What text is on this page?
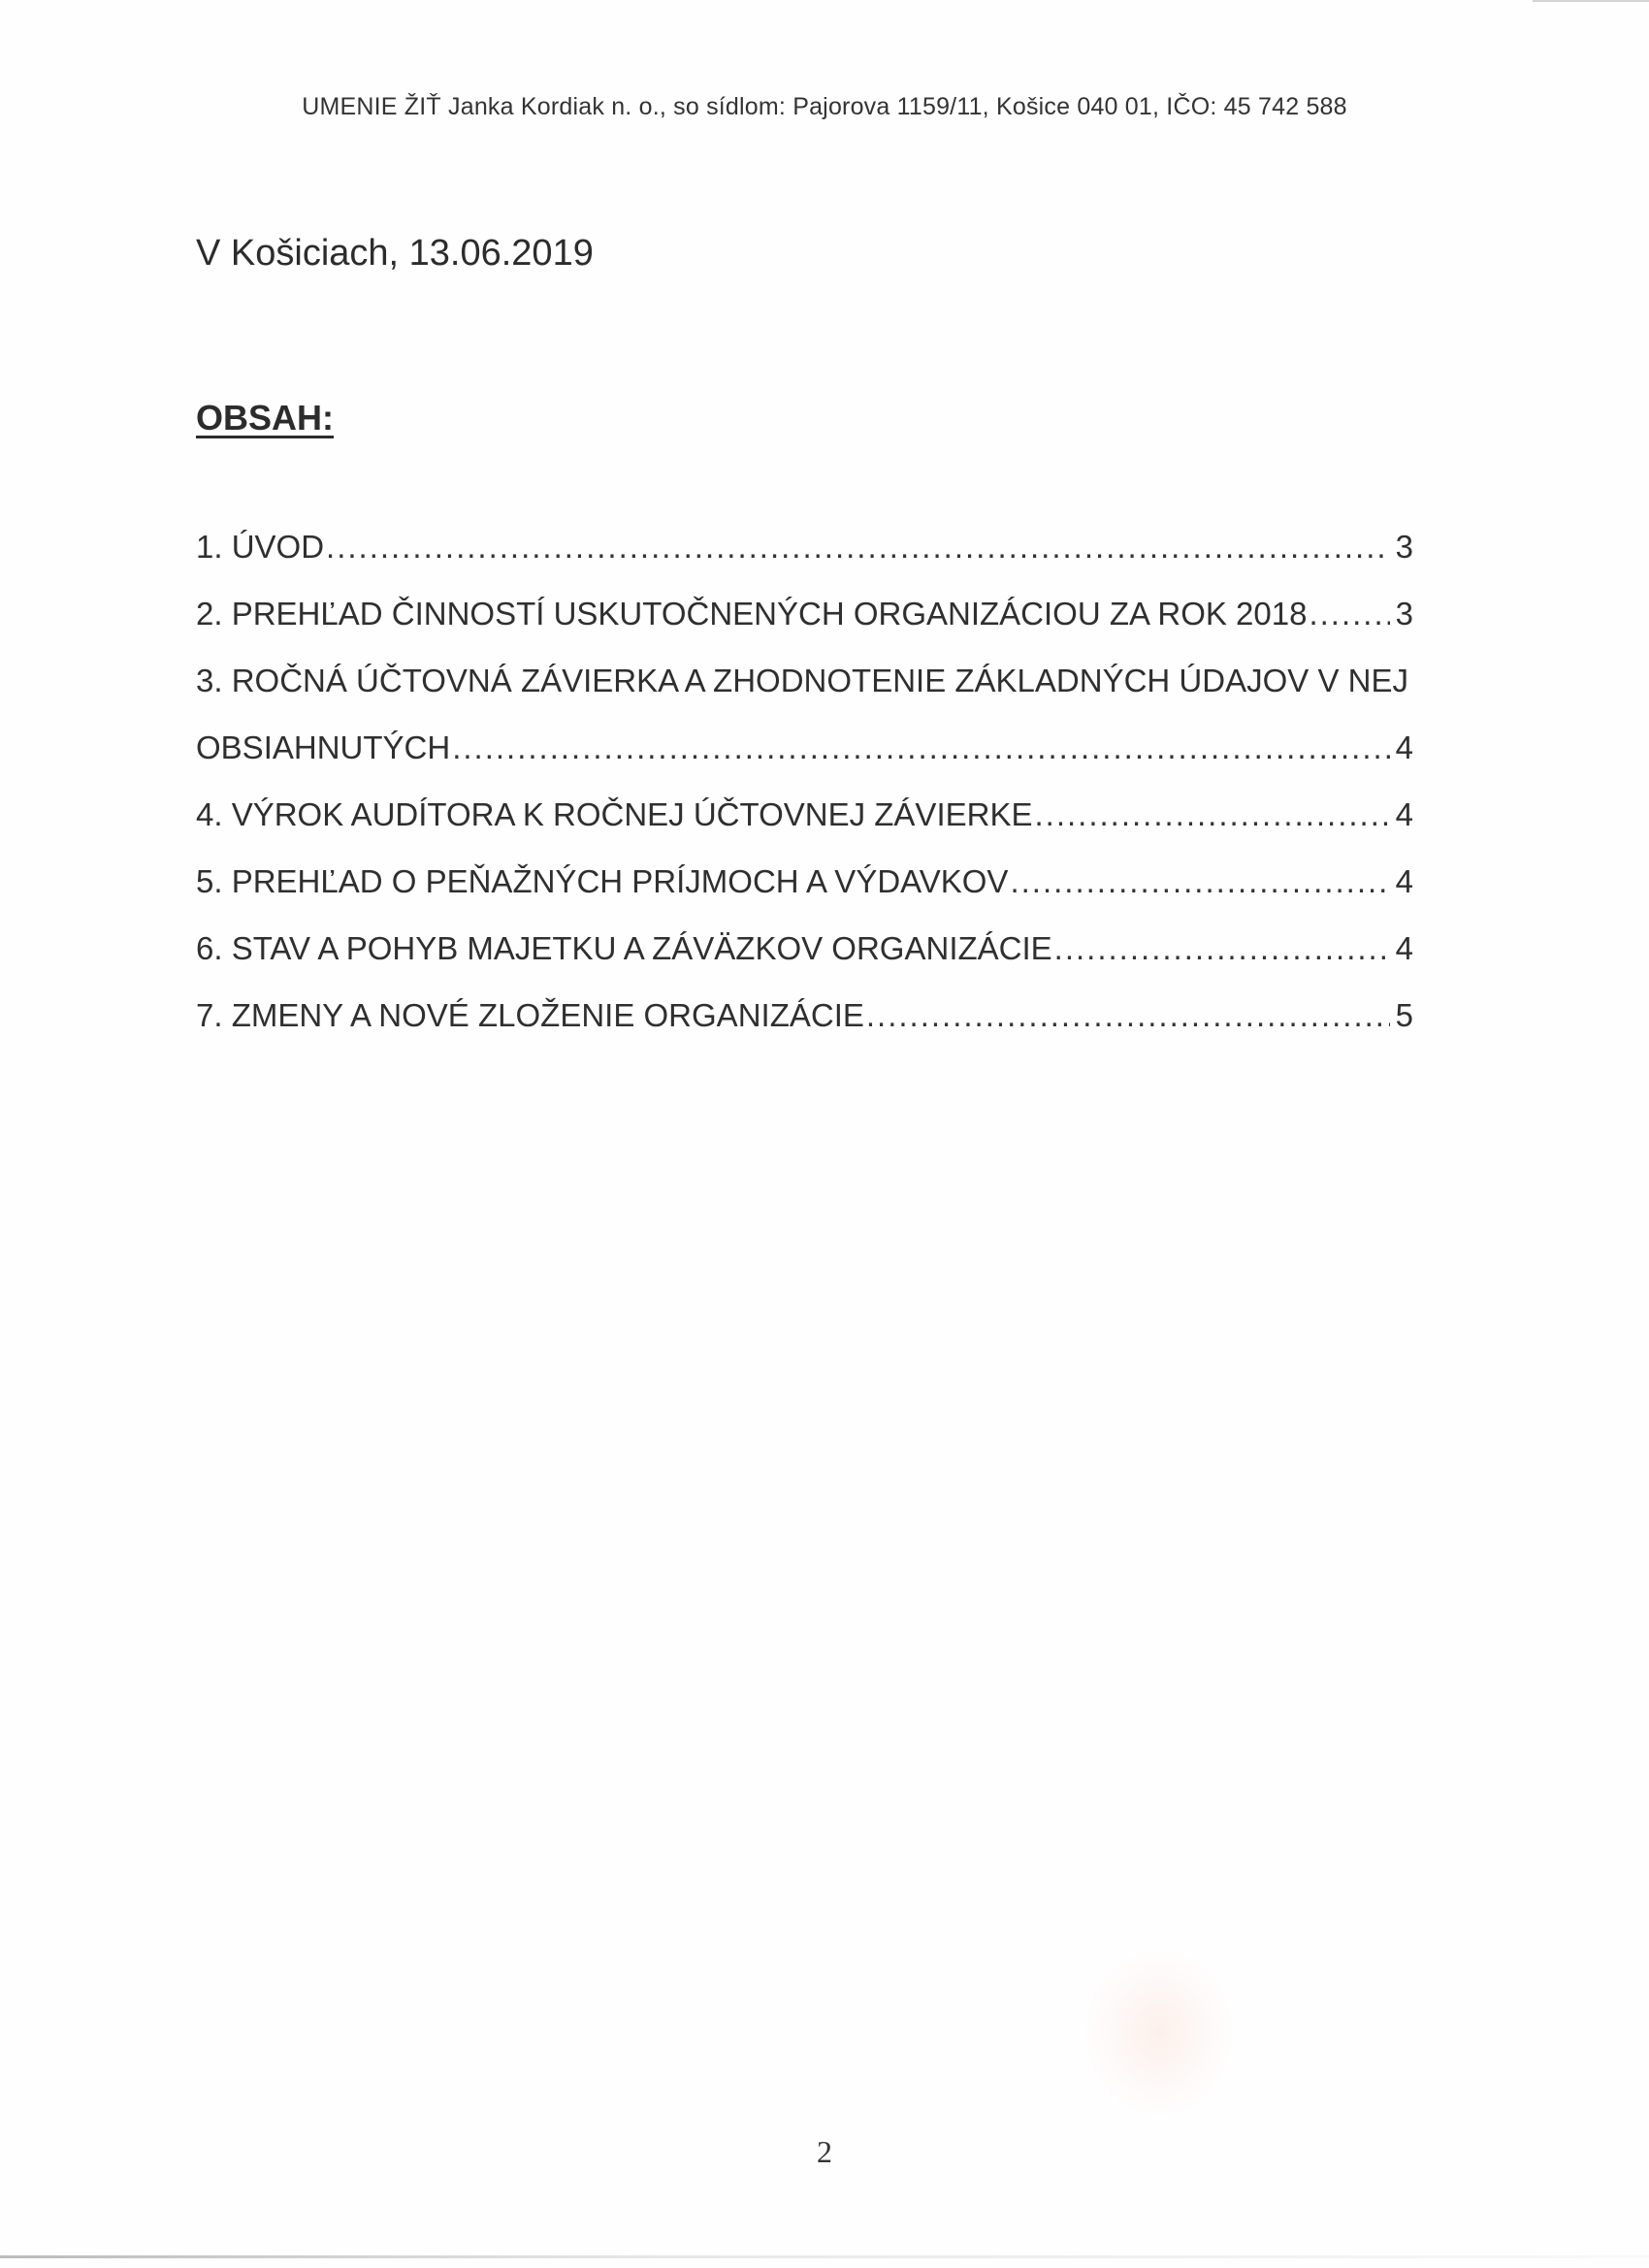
UMENIE ŽIŤ Janka Kordiak n. o., so sídlom: Pajorova 1159/11, Košice 040 01, IČO: 45 742 588
V Košiciach, 13.06.2019
OBSAH:
1. ÚVOD .....	3
2. PREHĽAD ČINNOSTÍ USKUTOČNENÝCH ORGANIZÁCIOU ZA ROK 2018 .....	3
3. ROČNÁ ÚČTOVNÁ ZÁVIERKA A ZHODNOTENIE ZÁKLADNÝCH ÚDAJOV V NEJ
OBSIAHNUTÝCH .....	4
4. VÝROK AUDÍTORA K ROČNEJ ÚČTOVNEJ ZÁVIERKE .....	4
5. PREHĽAD O PEŇAŽNÝCH PRÍJMOCH A VÝDAVKOV .....	4
6. STAV A POHYB MAJETKU A ZÁVÄZKOV ORGANIZÁCIE .....	4
7. ZMENY A NOVÉ ZLOŽENIE ORGANIZÁCIE .....	5
2
